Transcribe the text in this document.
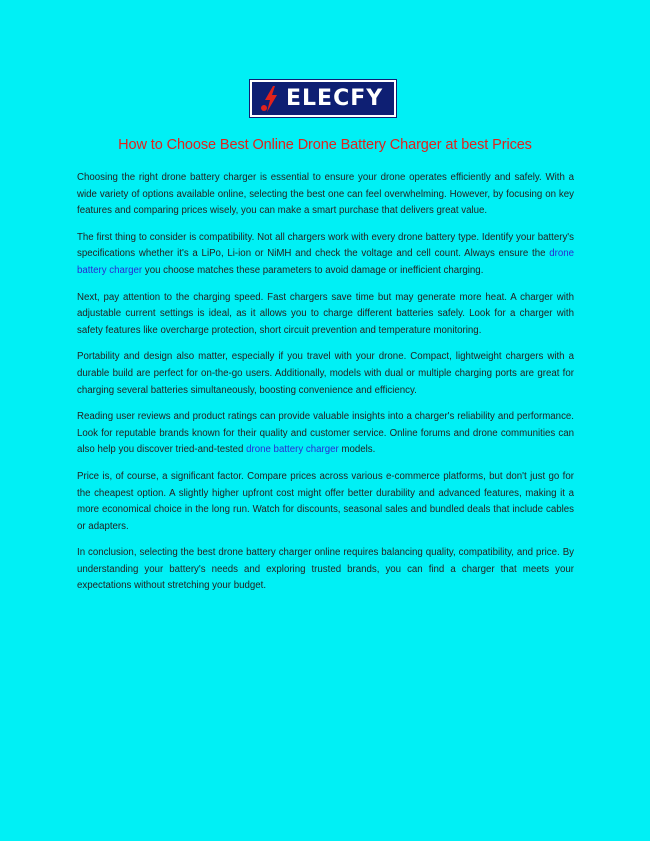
ELECFY
How to Choose Best Online Drone Battery Charger at best Prices

Choosing the right drone battery charger is essential to ensure your drone operates efficiently and safely. With a wide variety of options available online, selecting the best one can feel overwhelming. However, by focusing on key features and comparing prices wisely, you can make a smart purchase that delivers great value.

The first thing to consider is compatibility. Not all chargers work with every drone battery type. Identify your battery's specifications whether it's a LiPo, Li-ion or NiMH and check the voltage and cell count. Always ensure the drone battery charger you choose matches these parameters to avoid damage or inefficient charging.

Next, pay attention to the charging speed. Fast chargers save time but may generate more heat. A charger with adjustable current settings is ideal, as it allows you to charge different batteries safely. Look for a charger with safety features like overcharge protection, short circuit prevention and temperature monitoring.

Portability and design also matter, especially if you travel with your drone. Compact, lightweight chargers with a durable build are perfect for on-the-go users. Additionally, models with dual or multiple charging ports are great for charging several batteries simultaneously, boosting convenience and efficiency.

Reading user reviews and product ratings can provide valuable insights into a charger's reliability and performance. Look for reputable brands known for their quality and customer service. Online forums and drone communities can also help you discover tried-and-tested drone battery charger models.

Price is, of course, a significant factor. Compare prices across various e-commerce platforms, but don't just go for the cheapest option. A slightly higher upfront cost might offer better durability and advanced features, making it a more economical choice in the long run. Watch for discounts, seasonal sales and bundled deals that include cables or adapters.

In conclusion, selecting the best drone battery charger online requires balancing quality, compatibility, and price. By understanding your battery's needs and exploring trusted brands, you can find a charger that meets your expectations without stretching your budget.
